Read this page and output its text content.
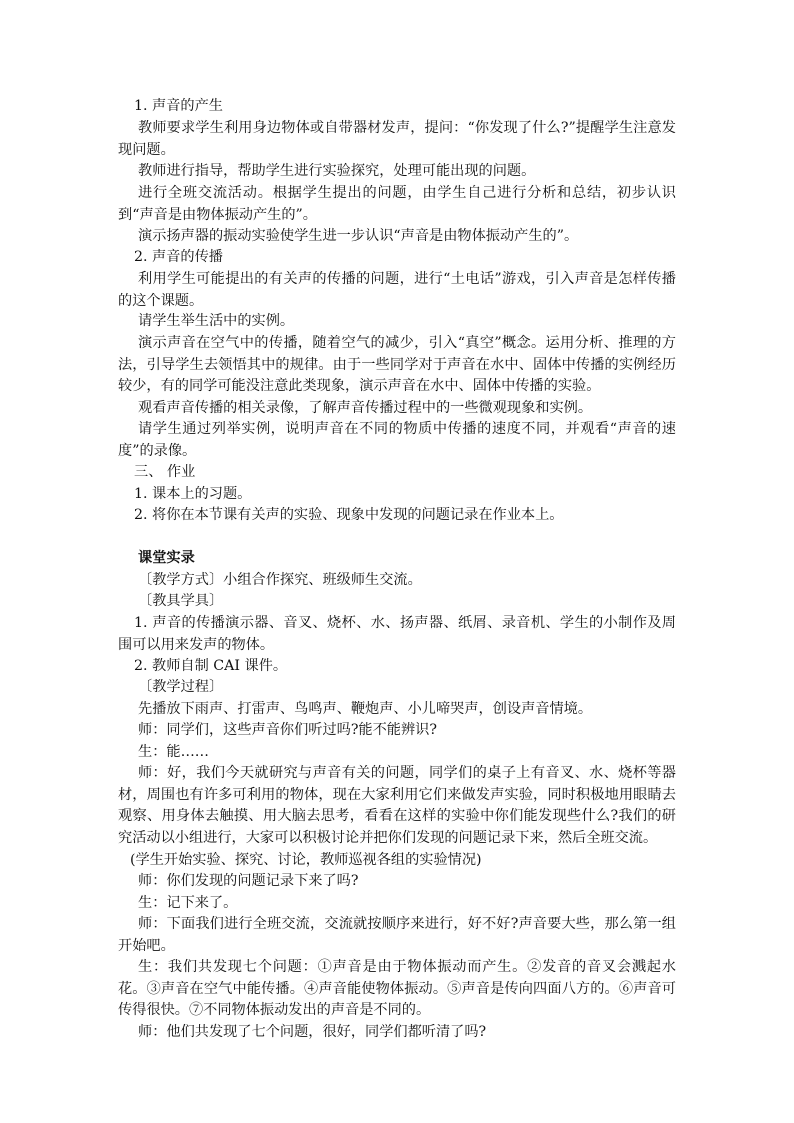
1. 声音的产生

教师要求学生利用身边物体或自带器材发声，提问：“你发现了什么?”提醒学生注意发现问题。

教师进行指导，帮助学生进行实验探究，处理可能出现的问题。

进行全班交流活动。根据学生提出的问题，由学生自己进行分析和总结，初步认识到“声音是由物体振动产生的”。

演示扬声器的振动实验使学生进一步认识“声音是由物体振动产生的”。

2. 声音的传播

利用学生可能提出的有关声的传播的问题，进行“土电话”游戏，引入声音是怎样传播的这个课题。

请学生举生活中的实例。

演示声音在空气中的传播，随着空气的减少，引入“真空”概念。运用分析、推理的方法，引导学生去领悟其中的规律。由于一些同学对于声音在水中、固体中传播的实例经历较少，有的同学可能没注意此类现象，演示声音在水中、固体中传播的实验。

观看声音传播的相关录像，了解声音传播过程中的一些微观现象和实例。

请学生通过列举实例，说明声音在不同的物质中传播的速度不同，并观看“声音的速度”的录像。

三、 作业

1. 课本上的习题。

2. 将你在本节课有关声的实验、现象中发现的问题记录在作业本上。

课堂实录

〔教学方式〕小组合作探究、班级师生交流。

〔教具学具〕

1. 声音的传播演示器、音叉、烧杯、水、扬声器、纸屑、录音机、学生的小制作及周围可以用来发声的物体。

2. 教师自制 CAI 课件。

〔教学过程〕

先播放下雨声、打雷声、鸟鸣声、鞭炮声、小儿啼哭声，创设声音情境。

师：同学们，这些声音你们听过吗?能不能辨识?

生：能……

师：好，我们今天就研究与声音有关的问题，同学们的桌子上有音叉、水、烧杯等器材，周围也有许多可利用的物体，现在大家利用它们来做发声实验，同时积极地用眼睛去观察、用身体去触摸、用大脑去思考，看看在这样的实验中你们能发现些什么?我们的研究活动以小组进行，大家可以积极讨论并把你们发现的问题记录下来，然后全班交流。

(学生开始实验、探究、讨论，教师巡视各组的实验情况)

师：你们发现的问题记录下来了吗?

生：记下来了。

师：下面我们进行全班交流，交流就按顺序来进行，好不好?声音要大些，那么第一组开始吧。

生：我们共发现七个问题：①声音是由于物体振动而产生。②发音的音叉会溅起水花。③声音在空气中能传播。④声音能使物体振动。⑤声音是传向四面八方的。⑥声音可传得很快。⑦不同物体振动发出的声音是不同的。

师：他们共发现了七个问题，很好，同学们都听清了吗?
